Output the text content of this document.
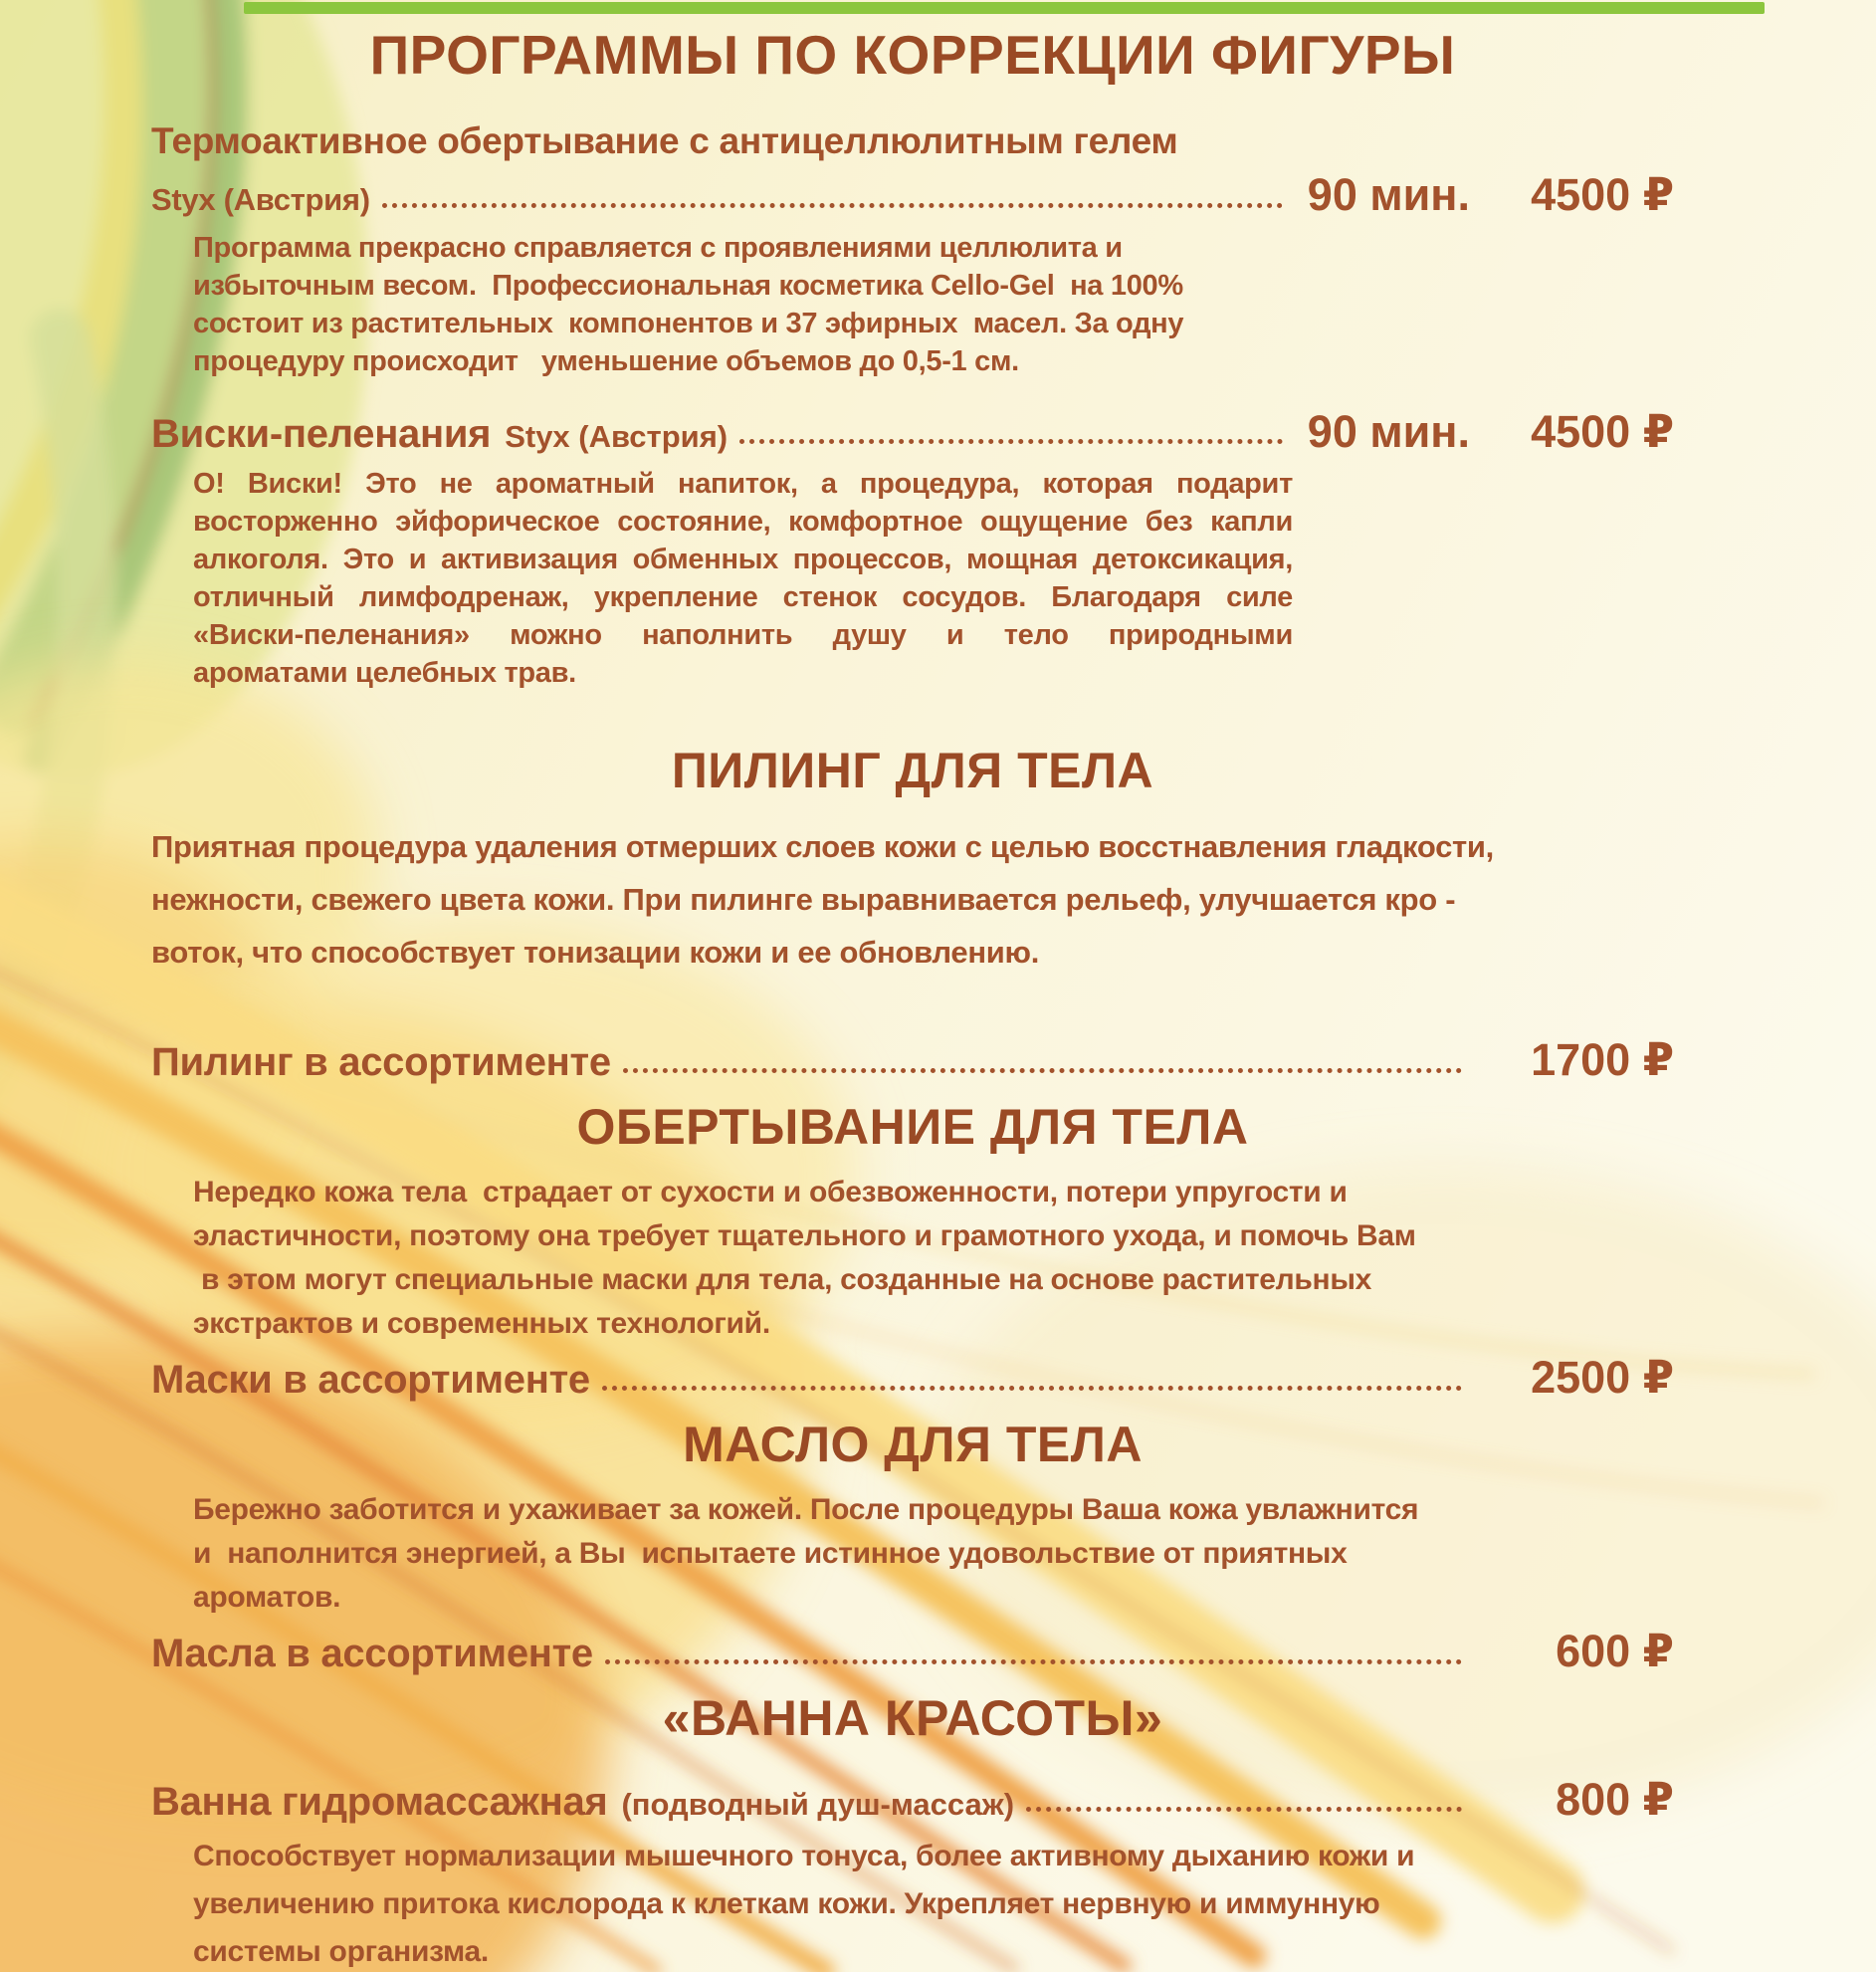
ПРОГРАММЫ ПО КОРРЕКЦИИ ФИГУРЫ
Термоактивное обертывание с антицеллюлитным гелем
Styx (Австрия)	90 мин.	4500 ₽
Программа прекрасно справляется с проявлениями целлюлита и
избыточным весом.  Профессиональная косметика Cello-Gel  на 100%
состоит из растительных  компонентов и 37 эфирных  масел. За одну
процедуру происходит   уменьшение объемов до 0,5-1 см.
Виски-пеленания Styx (Австрия)	90 мин.	4500 ₽
О! Виски! Это не ароматный напиток, а процедура, которая подарит
восторженно эйфорическое состояние, комфортное ощущение без капли
алкоголя. Это и активизация обменных процессов, мощная детоксикация,
отличный лимфодренаж, укрепление стенок сосудов. Благодаря силе
«Виски-пеленания» можно наполнить душу и тело природными
ароматами целебных трав.
ПИЛИНГ ДЛЯ ТЕЛА
Приятная процедура удаления отмерших слоев кожи с целью восстнавления гладкости,
нежности, свежего цвета кожи. При пилинге выравнивается рельеф, улучшается кро -
воток, что способствует тонизации кожи и ее обновлению.
Пилинг в ассортименте	1700 ₽
ОБЕРТЫВАНИЕ ДЛЯ ТЕЛА
Нередко кожа тела  страдает от сухости и обезвоженности, потери упругости и
эластичности, поэтому она требует тщательного и грамотного ухода, и помочь Вам
в этом могут специальные маски для тела, созданные на основе растительных
экстрактов и современных технологий.
Маски в ассортименте	2500 ₽
МАСЛО ДЛЯ ТЕЛА
Бережно заботится и ухаживает за кожей. После процедуры Ваша кожа увлажнится
и  наполнится энергией, а Вы  испытаете истинное удовольствие от приятных
ароматов.
Масла в ассортименте	600 ₽
«ВАННА КРАСОТЫ»
Ванна гидромассажная (подводный душ-массаж)	800 ₽
Способствует нормализации мышечного тонуса, более активному дыханию кожи и
увеличению притока кислорода к клеткам кожи. Укрепляет нервную и иммунную
системы организма.
